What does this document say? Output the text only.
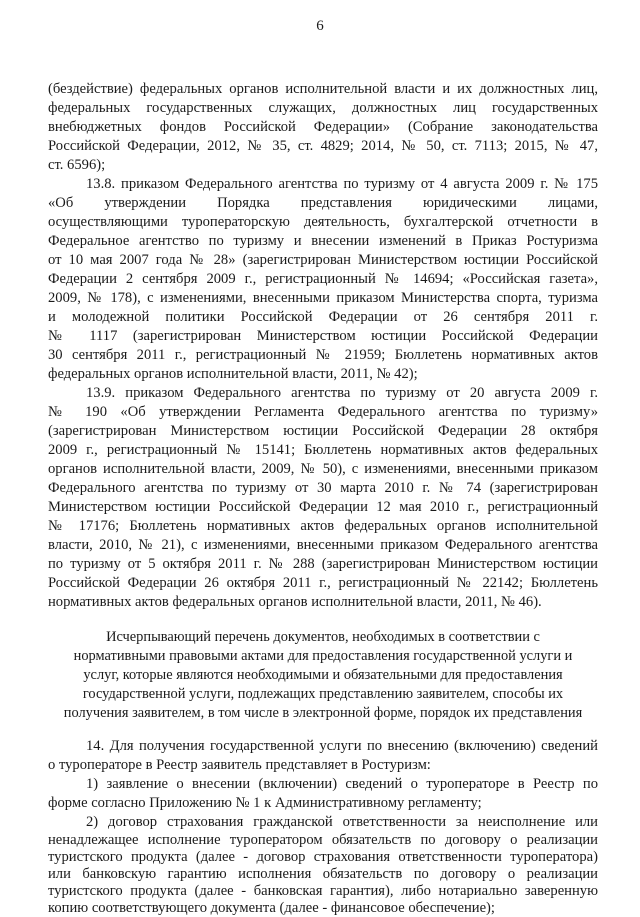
6
(бездействие) федеральных органов исполнительной власти и их должностных лиц,
федеральных государственных служащих, должностных лиц государственных
внебюджетных фондов Российской Федерации» (Собрание законодательства
Российской Федерации, 2012, № 35, ст. 4829; 2014, № 50, ст. 7113; 2015, № 47,
ст. 6596);
13.8. приказом Федерального агентства по туризму от 4 августа 2009 г. № 175
«Об утверждении Порядка представления юридическими лицами,
осуществляющими туроператорскую деятельность, бухгалтерской отчетности в
Федеральное агентство по туризму и внесении изменений в Приказ Ростуризма
от 10 мая 2007 года № 28» (зарегистрирован Министерством юстиции Российской
Федерации 2 сентября 2009 г., регистрационный № 14694; «Российская газета»,
2009, № 178), с изменениями, внесенными приказом Министерства спорта, туризма
и молодежной политики Российской Федерации от 26 сентября 2011 г.
№ 1117 (зарегистрирован Министерством юстиции Российской Федерации
30 сентября 2011 г., регистрационный № 21959; Бюллетень нормативных актов
федеральных органов исполнительной власти, 2011, № 42);
13.9. приказом Федерального агентства по туризму от 20 августа 2009 г.
№ 190 «Об утверждении Регламента Федерального агентства по туризму»
(зарегистрирован Министерством юстиции Российской Федерации 28 октября
2009 г., регистрационный № 15141; Бюллетень нормативных актов федеральных
органов исполнительной власти, 2009, № 50), с изменениями, внесенными приказом
Федерального агентства по туризму от 30 марта 2010 г. № 74 (зарегистрирован
Министерством юстиции Российской Федерации 12 мая 2010 г., регистрационный
№ 17176; Бюллетень нормативных актов федеральных органов исполнительной
власти, 2010, № 21), с изменениями, внесенными приказом Федерального агентства
по туризму от 5 октября 2011 г. № 288 (зарегистрирован Министерством юстиции
Российской Федерации 26 октября 2011 г., регистрационный № 22142; Бюллетень
нормативных актов федеральных органов исполнительной власти, 2011, № 46).
Исчерпывающий перечень документов, необходимых в соответствии с
нормативными правовыми актами для предоставления государственной услуги и
услуг, которые являются необходимыми и обязательными для предоставления
государственной услуги, подлежащих представлению заявителем, способы их
получения заявителем, в том числе в электронной форме, порядок их представления
14. Для получения государственной услуги по внесению (включению) сведений
о туроператоре в Реестр заявитель представляет в Ростуризм:
1) заявление о внесении (включении) сведений о туроператоре в Реестр по
форме согласно Приложению № 1 к Административному регламенту;
2) договор страхования гражданской ответственности за неисполнение или
ненадлежащее исполнение туроператором обязательств по договору о реализации
туристского продукта (далее - договор страхования ответственности туроператора)
или банковскую гарантию исполнения обязательств по договору о реализации
туристского продукта (далее - банковская гарантия), либо нотариально заверенную
копию соответствующего документа (далее - финансовое обеспечение);
